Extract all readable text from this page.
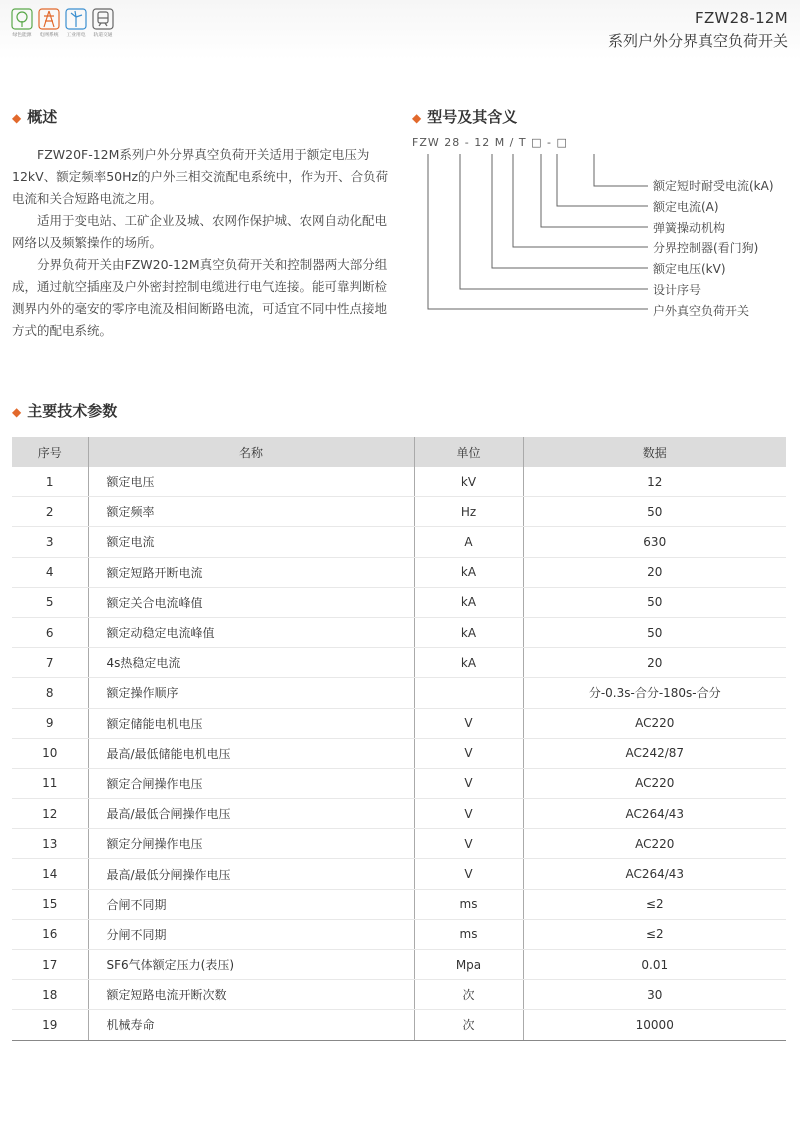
绿色能源	电网系统	工业用电	轨道交通
FZW28-12M
系列户外分界真空负荷开关
◆ 概述

FZW20F-12M系列户外分界真空负荷开关适用于额定电压为12kV、额定频率50Hz的户外三相交流配电系统中，作为开、合负荷电流和关合短路电流之用。

适用于变电站、工矿企业及城、农网作保护城、农网自动化配电网络以及频繁操作的场所。

分界负荷开关由FZW20-12M真空负荷开关和控制器两大部分组成，通过航空插座及户外密封控制电缆进行电气连接。能可靠判断检测界内外的毫安的零序电流及相间断路电流，可适宜不同中性点接地方式的配电系统。

◆ 型号及其含义
FZW 28 - 12 M / T □ - □
额定短时耐受电流(kA)
额定电流(A)
弹簧操动机构
分界控制器(看门狗)
额定电压(kV)
设计序号
户外真空负荷开关
◆ 主要技术参数
序号	名称	单位	数据
1	额定电压	kV	12
2	额定频率	Hz	50
3	额定电流	A	630
4	额定短路开断电流	kA	20
5	额定关合电流峰值	kA	50
6	额定动稳定电流峰值	kA	50
7	4s热稳定电流	kA	20
8	额定操作顺序		分-0.3s-合分-180s-合分
9	额定储能电机电压	V	AC220
10	最高/最低储能电机电压	V	AC242/87
11	额定合闸操作电压	V	AC220
12	最高/最低合闸操作电压	V	AC264/43
13	额定分闸操作电压	V	AC220
14	最高/最低分闸操作电压	V	AC264/43
15	合闸不同期	ms	≤2
16	分闸不同期	ms	≤2
17	SF6气体额定压力(表压)	Mpa	0.01
18	额定短路电流开断次数	次	30
19	机械寿命	次	10000
